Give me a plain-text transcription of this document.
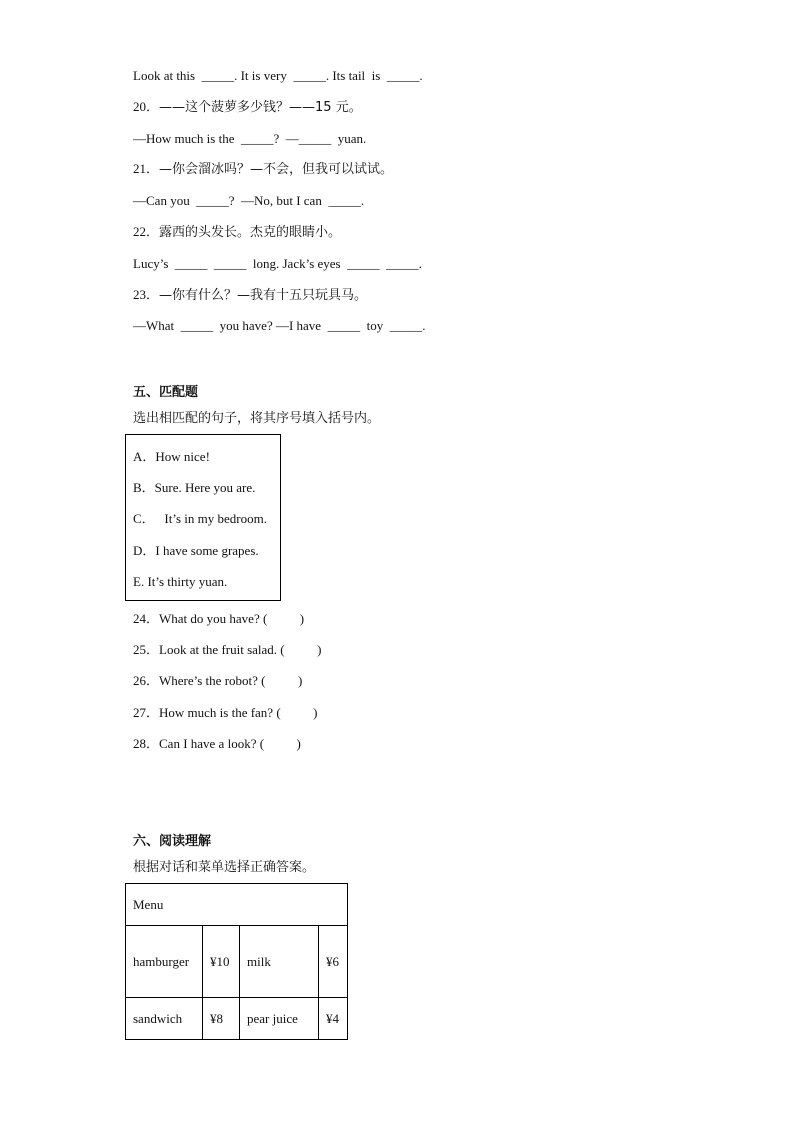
Look at this  _____. It is very  _____. Its tail  is  _____.
20．——这个菠萝多少钱？——15 元。
—How much is the  _____?  —_____  yuan.
21．—你会溜冰吗？—不会，但我可以试试。
—Can you  _____?  —No, but I can  _____.
22．露西的头发长。杰克的眼睛小。
Lucy’s  _____  _____  long. Jack’s eyes  _____  _____.
23．—你有什么？—我有十五只玩具马。
—What  _____  you have? —I have  _____  toy  _____.
五、匹配题
选出相匹配的句子，将其序号填入括号内。
A．How nice!
B．Sure. Here you are.
C．   It’s in my bedroom.
D．I have some grapes.
E. It’s thirty yuan.
24．What do you have? (          )
25．Look at the fruit salad. (          )
26．Where’s the robot? (          )
27．How much is the fan? (          )
28．Can I have a look? (          )
六、阅读理解
根据对话和菜单选择正确答案。
Menu			
hamburger	¥10	milk	¥6
sandwich	¥8	pear juice	¥4
